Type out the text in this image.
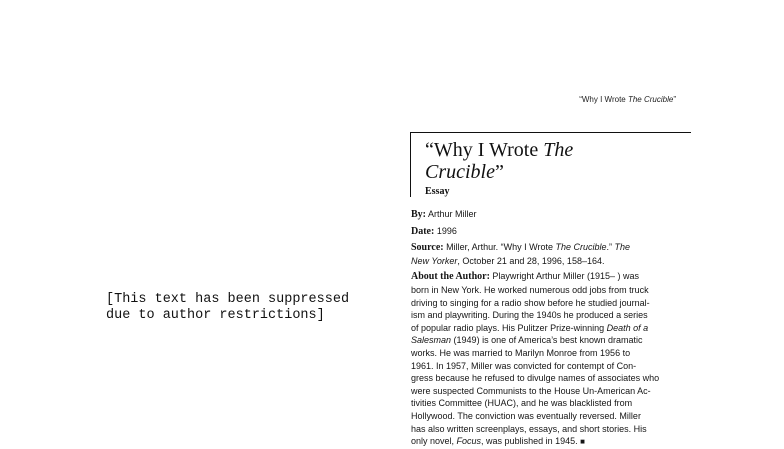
“Why I Wrote The Crucible”
[This text has been suppressed
due to author restrictions]
“Why I Wrote The
Crucible”
Essay
By: Arthur Miller
Date: 1996
Source: Miller, Arthur. “Why I Wrote The Crucible.” The
New Yorker, October 21 and 28, 1996, 158–164.

About the Author: Playwright Arthur Miller (1915– ) was

born in New York. He worked numerous odd jobs from truck

driving to singing for a radio show before he studied journal-

ism and playwriting. During the 1940s he produced a series

of popular radio plays. His Pulitzer Prize-winning Death of a

Salesman (1949) is one of America’s best known dramatic

works. He was married to Marilyn Monroe from 1956 to

1961. In 1957, Miller was convicted for contempt of Con-

gress because he refused to divulge names of associates who

were suspected Communists to the House Un-American Ac-

tivities Committee (HUAC), and he was blacklisted from

Hollywood. The conviction was eventually reversed. Miller

has also written screenplays, essays, and short stories. His

only novel, Focus, was published in 1945. ■
